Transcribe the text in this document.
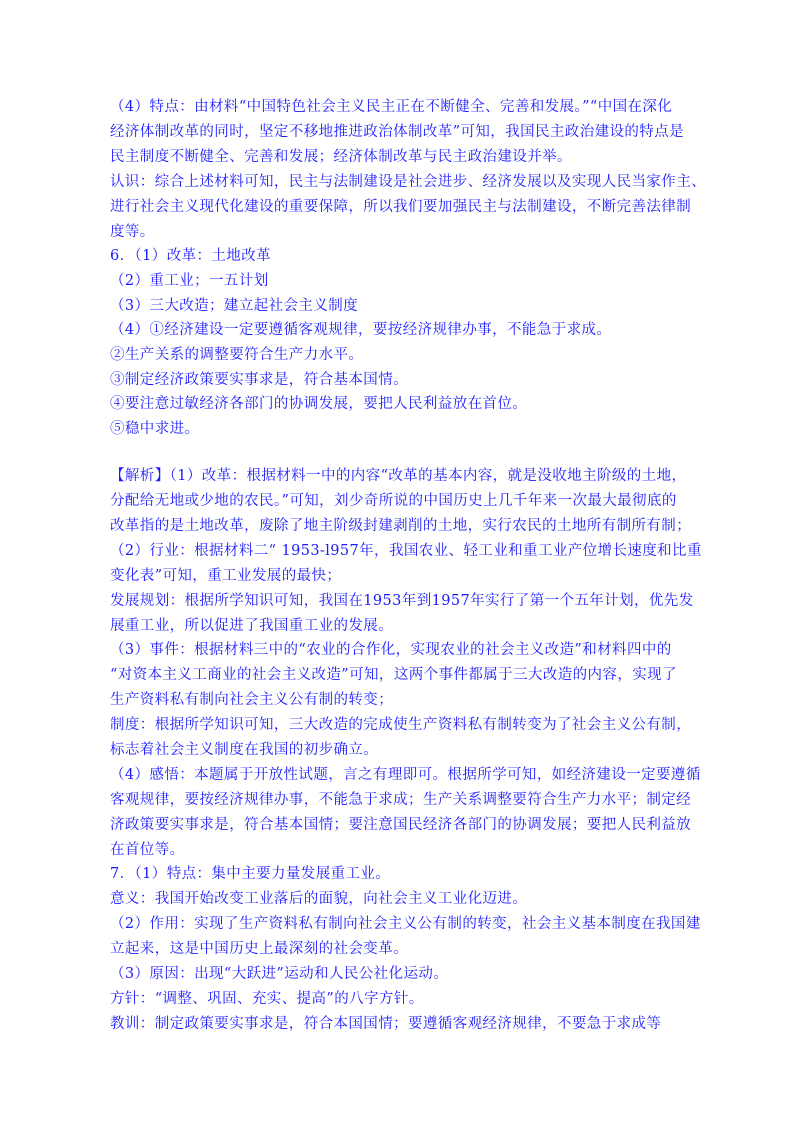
（4）特点：由材料“中国特色社会主义民主正在不断健全、完善和发展。”“中国在深化
经济体制改革的同时，坚定不移地推进政治体制改革”可知，我国民主政治建设的特点是
民主制度不断健全、完善和发展；经济体制改革与民主政治建设并举。
认识：综合上述材料可知，民主与法制建设是社会进步、经济发展以及实现人民当家作主、
进行社会主义现代化建设的重要保障，所以我们要加强民主与法制建设，不断完善法律制
度等。
6．（1）改革：土地改革
（2）重工业；一五计划
（3）三大改造；建立起社会主义制度
（4）①经济建设一定要遵循客观规律，要按经济规律办事，不能急于求成。
②生产关系的调整要符合生产力水平。
③制定经济政策要实事求是，符合基本国情。
④要注意过敏经济各部门的协调发展，要把人民利益放在首位。
⑤稳中求进。
【解析】（1）改革：根据材料一中的内容“改革的基本内容，就是没收地主阶级的土地，
分配给无地或少地的农民。”可知，刘少奇所说的中国历史上几千年来一次最大最彻底的
改革指的是土地改革，废除了地主阶级封建剥削的土地，实行农民的土地所有制所有制；
（2）行业：根据材料二“ 1953-l957年，我国农业、轻工业和重工业产位增长速度和比重
变化表”可知，重工业发展的最快；
发展规划：根据所学知识可知，我国在1953年到1957年实行了第一个五年计划，优先发
展重工业，所以促进了我国重工业的发展。
（3）事件：根据材料三中的“农业的合作化，实现农业的社会主义改造”和材料四中的
“对资本主义工商业的社会主义改造”可知，这两个事件都属于三大改造的内容，实现了
生产资料私有制向社会主义公有制的转变；
制度：根据所学知识可知，三大改造的完成使生产资料私有制转变为了社会主义公有制，
标志着社会主义制度在我国的初步确立。
（4）感悟：本题属于开放性试题，言之有理即可。根据所学可知，如经济建设一定要遵循
客观规律，要按经济规律办事，不能急于求成；生产关系调整要符合生产力水平；制定经
济政策要实事求是，符合基本国情；要注意国民经济各部门的协调发展；要把人民利益放
在首位等。
7．（1）特点：集中主要力量发展重工业。
意义：我国开始改变工业落后的面貌，向社会主义工业化迈进。
（2）作用：实现了生产资料私有制向社会主义公有制的转变，社会主义基本制度在我国建
立起来，这是中国历史上最深刻的社会变革。
（3）原因：出现“大跃进”运动和人民公社化运动。
方针：“调整、巩固、充实、提高”的八字方针。
教训：制定政策要实事求是，符合本国国情；要遵循客观经济规律，不要急于求成等
